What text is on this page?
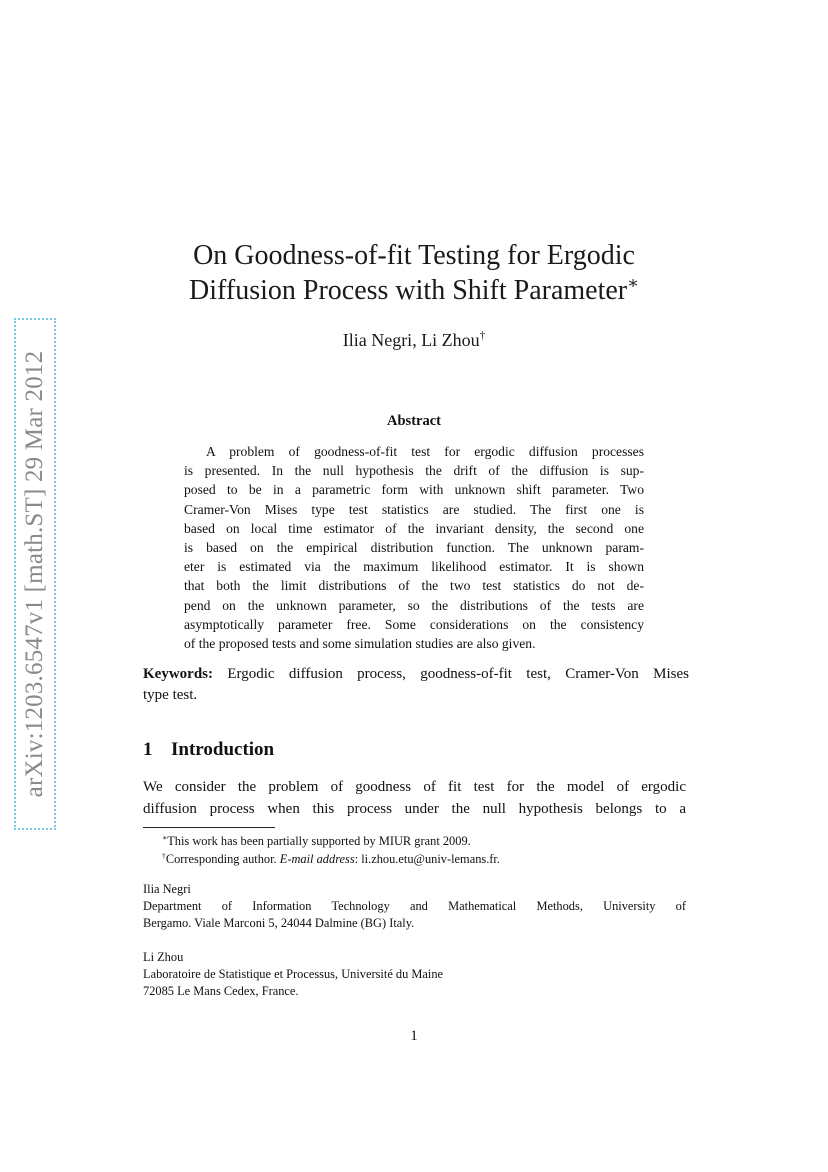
arXiv:1203.6547v1 [math.ST] 29 Mar 2012
On Goodness-of-fit Testing for Ergodic
Diffusion Process with Shift Parameter∗
Ilia Negri, Li Zhou†
Abstract
A problem of goodness-of-fit test for ergodic diffusion processes
is presented. In the null hypothesis the drift of the diffusion is sup-
posed to be in a parametric form with unknown shift parameter. Two
Cramer-Von Mises type test statistics are studied. The first one is
based on local time estimator of the invariant density, the second one
is based on the empirical distribution function. The unknown param-
eter is estimated via the maximum likelihood estimator. It is shown
that both the limit distributions of the two test statistics do not de-
pend on the unknown parameter, so the distributions of the tests are
asymptotically parameter free. Some considerations on the consistency
of the proposed tests and some simulation studies are also given.
Keywords: Ergodic diffusion process, goodness-of-fit test, Cramer-Von Mises
type test.
1 Introduction
We consider the problem of goodness of fit test for the model of ergodic
diffusion process when this process under the null hypothesis belongs to a
∗This work has been partially supported by MIUR grant 2009.
†Corresponding author. E-mail address: li.zhou.etu@univ-lemans.fr.
Ilia Negri
Department of Information Technology and Mathematical Methods, University of
Bergamo. Viale Marconi 5, 24044 Dalmine (BG) Italy.
Li Zhou
Laboratoire de Statistique et Processus, Université du Maine
72085 Le Mans Cedex, France.
1
